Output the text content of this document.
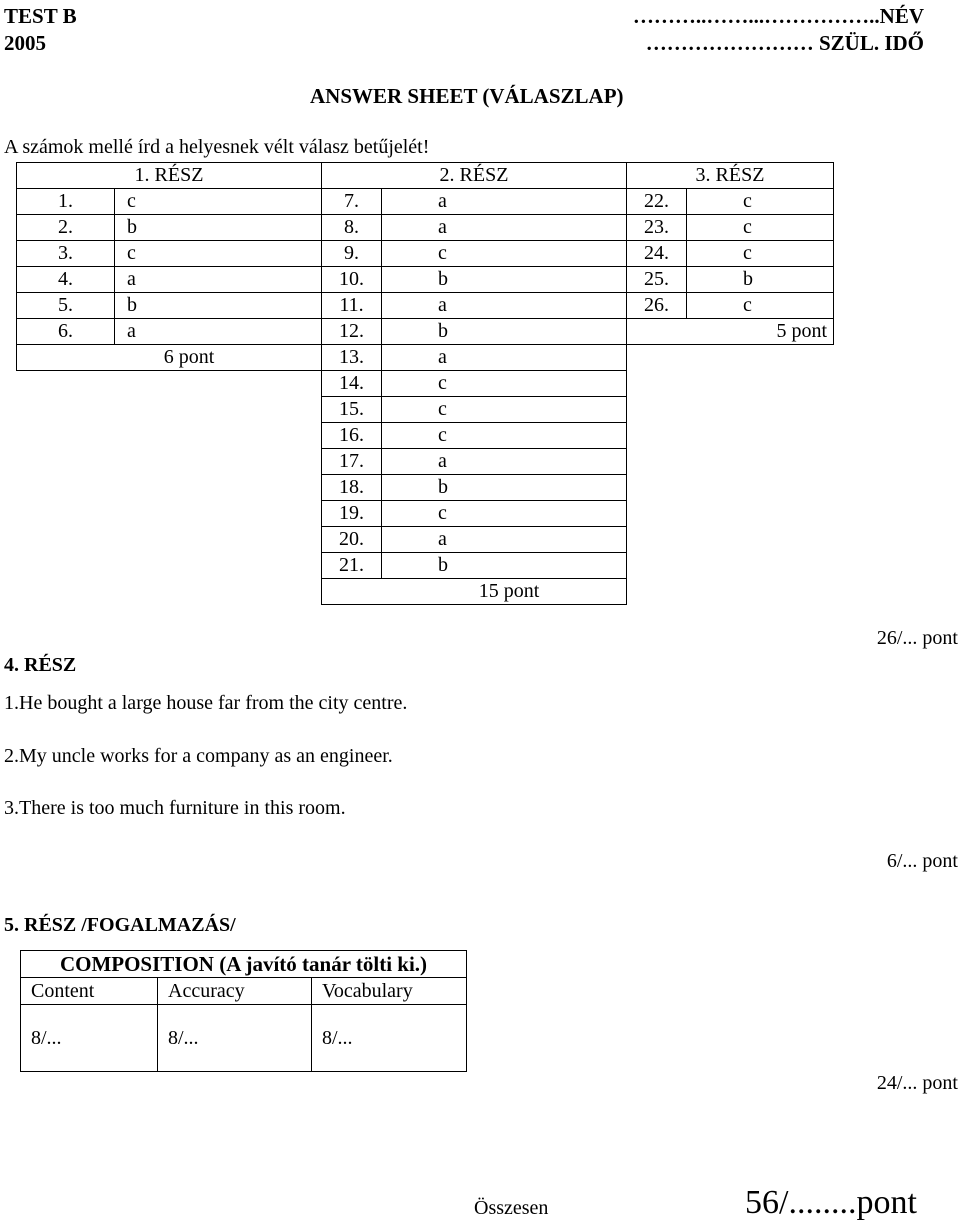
TEST B
2005
………..……...……………..NÉV
…………………… SZÜL. IDŐ
ANSWER SHEET (VÁLASZLAP)
A számok mellé írd a helyesnek vélt válasz betűjelét!
1. RÉSZ		2. RÉSZ		3. RÉSZ	
1.	c	7.	a	22.	c
2.	b	8.	a	23.	c
3.	c	9.	c	24.	c
4.	a	10.	b	25.	b
5.	b	11.	a	26.	c
6.	a	12.	b	5 pont	
6 pont		13.	a		
		14.	c		
		15.	c		
		16.	c		
		17.	a		
		18.	b		
		19.	c		
		20.	a		
		21.	b		
		15 pont			
26/... pont
4. RÉSZ
1.He bought a large house far from the city centre.
2.My uncle works for a company as an engineer.
3.There is too much furniture in this room.
6/... pont
5. RÉSZ /FOGALMAZÁS/
COMPOSITION (A javító tanár tölti ki.)		
Content	Accuracy	Vocabulary
8/...	8/...	8/...
24/... pont
Összesen	56/........pont
